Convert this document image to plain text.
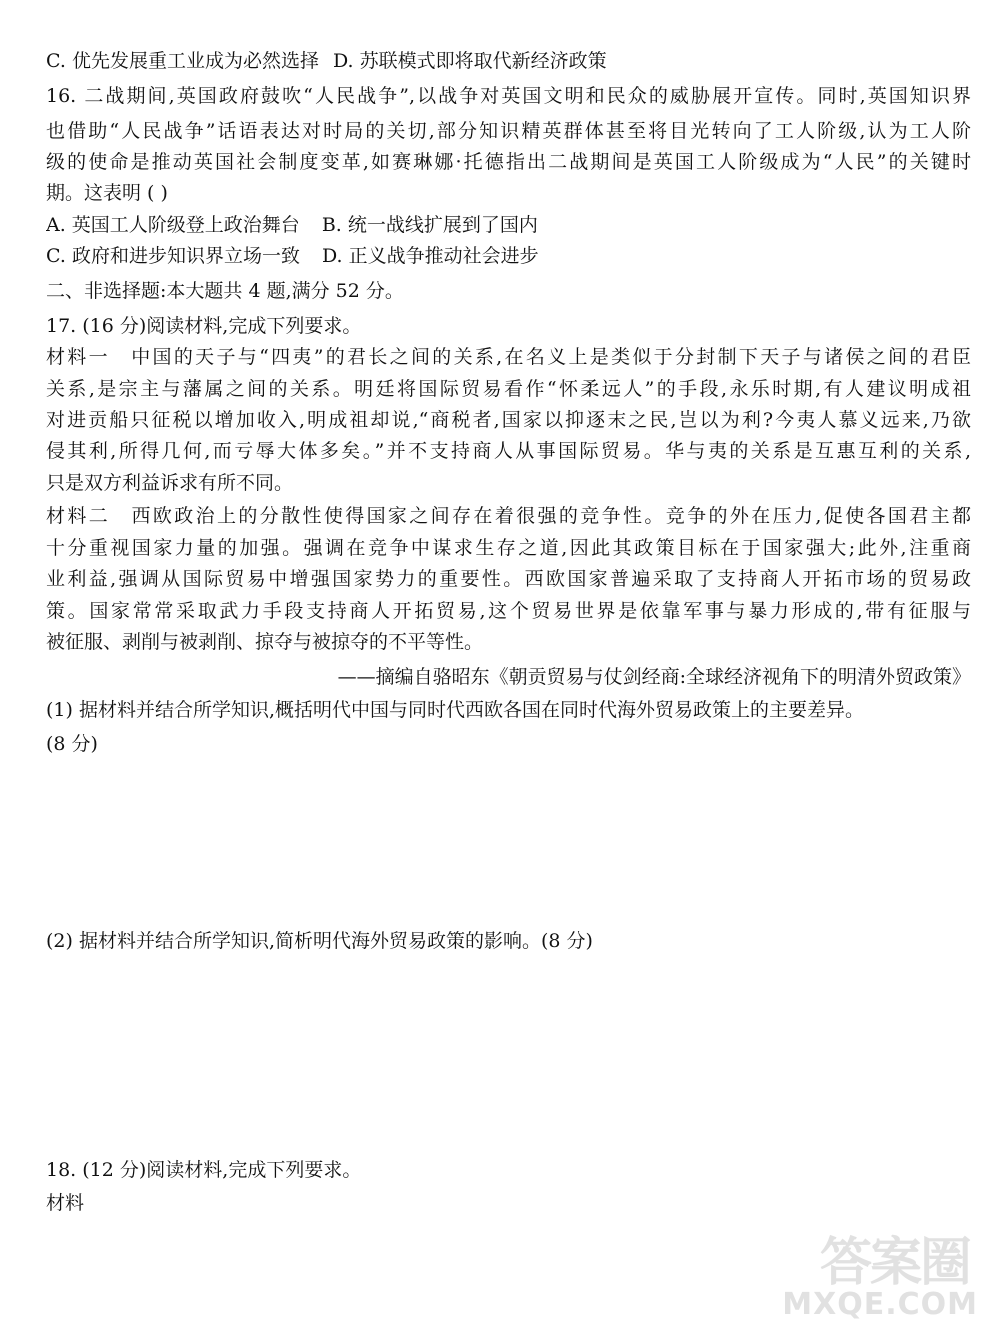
C. 优先发展重工业成为必然选择 D. 苏联模式即将取代新经济政策
16. 二战期间,英国政府鼓吹“人民战争”,以战争对英国文明和民众的威胁展开宣传。同时,英国知识界
也借助“人民战争”话语表达对时局的关切,部分知识精英群体甚至将目光转向了工人阶级,认为工人阶
级的使命是推动英国社会制度变革,如赛琳娜·托德指出二战期间是英国工人阶级成为“人民”的关键时
期。这表明 ( )
A. 英国工人阶级登上政治舞台 B. 统一战线扩展到了国内
C. 政府和进步知识界立场一致 D. 正义战争推动社会进步
二、非选择题:本大题共 4 题,满分 52 分。
17. (16 分)阅读材料,完成下列要求。
材料一　中国的天子与“四夷”的君长之间的关系,在名义上是类似于分封制下天子与诸侯之间的君臣
关系,是宗主与藩属之间的关系。明廷将国际贸易看作“怀柔远人”的手段,永乐时期,有人建议明成祖
对进贡船只征税以增加收入,明成祖却说,“商税者,国家以抑逐末之民,岂以为利?今夷人慕义远来,乃欲
侵其利,所得几何,而亏辱大体多矣。”并不支持商人从事国际贸易。华与夷的关系是互惠互利的关系,
只是双方利益诉求有所不同。
材料二　西欧政治上的分散性使得国家之间存在着很强的竞争性。竞争的外在压力,促使各国君主都
十分重视国家力量的加强。强调在竞争中谋求生存之道,因此其政策目标在于国家强大;此外,注重商
业利益,强调从国际贸易中增强国家势力的重要性。西欧国家普遍采取了支持商人开拓市场的贸易政
策。国家常常采取武力手段支持商人开拓贸易,这个贸易世界是依靠军事与暴力形成的,带有征服与
被征服、剥削与被剥削、掠夺与被掠夺的不平等性。
——摘编自骆昭东《朝贡贸易与仗剑经商:全球经济视角下的明清外贸政策》
(1) 据材料并结合所学知识,概括明代中国与同时代西欧各国在同时代海外贸易政策上的主要差异。
(8 分)
(2) 据材料并结合所学知识,简析明代海外贸易政策的影响。(8 分)
18. (12 分)阅读材料,完成下列要求。
材料
答案圈
MXQE.COM
